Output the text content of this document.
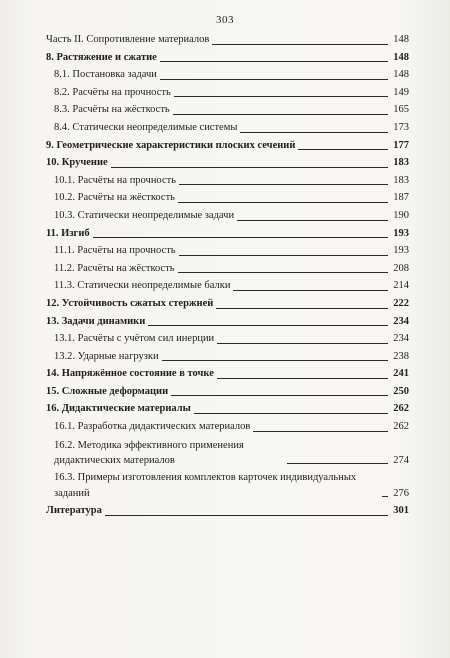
303
Часть II. Сопротивление материалов	148
8. Растяжение и сжатие	148
8.1. Постановка задачи	148
8.2. Расчёты на прочность	149
8.3. Расчёты на жёсткость	165
8.4. Статически неопределимые системы	173
9. Геометрические характеристики плоских сечений	177
10. Кручение	183
10.1. Расчёты на прочность	183
10.2. Расчёты на жёсткость	187
10.3. Статически неопределимые задачи	190
11. Изгиб	193
11.1. Расчёты на прочность	193
11.2. Расчёты на жёсткость	208
11.3. Статически неопределимые балки	214
12. Устойчивость сжатых стержней	222
13. Задачи динамики	234
13.1. Расчёты с учётом сил инерции	234
13.2. Ударные нагрузки	238
14. Напряжённое состояние в точке	241
15. Сложные деформации	250
16. Дидактические материалы	262
16.1. Разработка дидактических материалов	262
16.2. Методика эффективного применения дидактических материалов	274
16.3. Примеры изготовления комплектов карточек индивидуальных заданий	276
Литература	301
